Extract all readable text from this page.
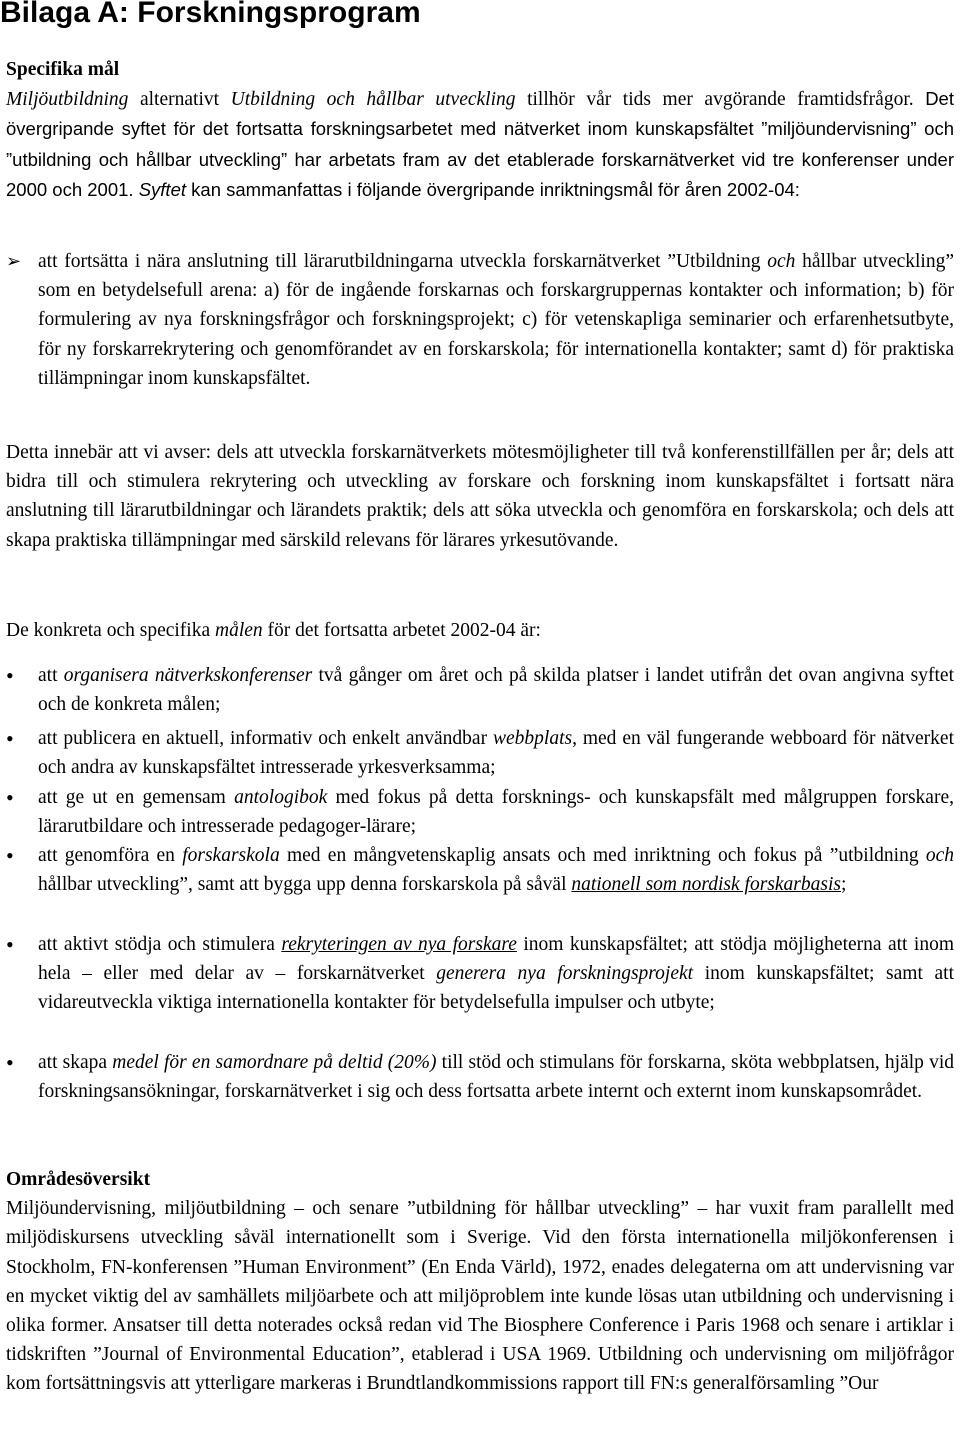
Bilaga A: Forskningsprogram
Specifika mål
Miljöutbildning alternativt Utbildning och hållbar utveckling tillhör vår tids mer avgörande framtidsfrågor. Det övergripande syftet för det fortsatta forskningsarbetet med nätverket inom kunskapsfältet ”miljöundervisning” och ”utbildning och hållbar utveckling” har arbetats fram av det etablerade forskarnätverket vid tre konferenser under 2000 och 2001. Syftet kan sammanfattas i följande övergripande inriktningsmål för åren 2002-04:
➢ att fortsätta i nära anslutning till lärarutbildningarna utveckla forskarnätverket ”Utbildning och hållbar utveckling” som en betydelsefull arena: a) för de ingående forskarnas och forskargruppernas kontakter och information; b) för formulering av nya forskningsfrågor och forskningsprojekt; c) för vetenskapliga seminarier och erfarenhetsutbyte, för ny forskarrekrytering och genomförandet av en forskarskola; för internationella kontakter; samt d) för praktiska tillämpningar inom kunskapsfältet.

Detta innebär att vi avser: dels att utveckla forskarnätverkets mötesmöjligheter till två konferenstillfällen per år; dels att bidra till och stimulera rekrytering och utveckling av forskare och forskning inom kunskapsfältet i fortsatt nära anslutning till lärarutbildningar och lärandets praktik; dels att söka utveckla och genomföra en forskarskola; och dels att skapa praktiska tillämpningar med särskild relevans för lärares yrkesutövande.

De konkreta och specifika målen för det fortsatta arbetet 2002-04 är:
• att organisera nätverkskonferenser två gånger om året och på skilda platser i landet utifrån det ovan angivna syftet och de konkreta målen;
• att publicera en aktuell, informativ och enkelt användbar webbplats, med en väl fungerande webboard för nätverket och andra av kunskapsfältet intresserade yrkesverksamma;
• att ge ut en gemensam antologibok med fokus på detta forsknings- och kunskapsfält med målgruppen forskare, lärarutbildare och intresserade pedagoger-lärare;
• att genomföra en forskarskola med en mångvetenskaplig ansats och med inriktning och fokus på ”utbildning och hållbar utveckling”, samt att bygga upp denna forskarskola på såväl nationell som nordisk forskarbasis;
• att aktivt stödja och stimulera rekryteringen av nya forskare inom kunskapsfältet; att stödja möjligheterna att inom hela – eller med delar av – forskarnätverket generera nya forskningsprojekt inom kunskapsfältet; samt att vidareutveckla viktiga internationella kontakter för betydelsefulla impulser och utbyte;
• att skapa medel för en samordnare på deltid (20%) till stöd och stimulans för forskarna, sköta webbplatsen, hjälp vid forskningsansökningar, forskarnätverket i sig och dess fortsatta arbete internt och externt inom kunskapsområdet.
Områdesöversikt
Miljöundervisning, miljöutbildning – och senare ”utbildning för hållbar utveckling” – har vuxit fram parallellt med miljödiskursens utveckling såväl internationellt som i Sverige. Vid den första internationella miljökonferensen i Stockholm, FN-konferensen ”Human Environment” (En Enda Värld), 1972, enades delegaterna om att undervisning var en mycket viktig del av samhällets miljöarbete och att miljöproblem inte kunde lösas utan utbildning och undervisning i olika former. Ansatser till detta noterades också redan vid The Biosphere Conference i Paris 1968 och senare i artiklar i tidskriften ”Journal of Environmental Education”, etablerad i USA 1969. Utbildning och undervisning om miljöfrågor kom fortsättningsvis att ytterligare markeras i Brundtlandkommissions rapport till FN:s generalförsamling ”Our
